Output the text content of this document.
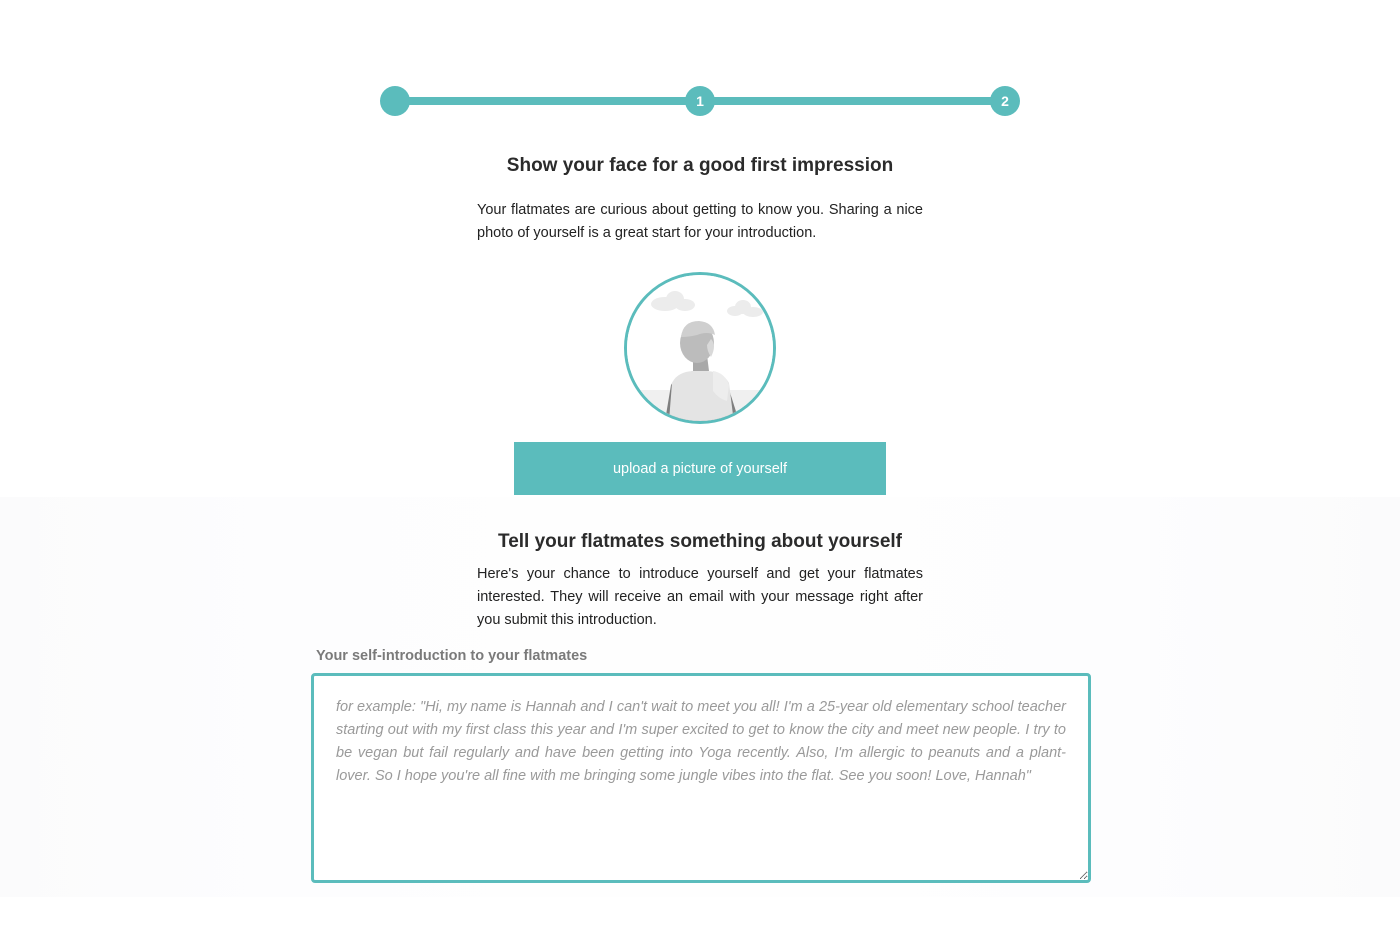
1	2
Show your face for a good first impression

Your flatmates are curious about getting to know you. Sharing a nice photo of yourself is a great start for your introduction.

upload a picture of yourself
Tell your flatmates something about yourself

Here's your chance to introduce yourself and get your flatmates interested. They will receive an email with your message right after you submit this introduction.

Your self-introduction to your flatmates
for example: "Hi, my name is Hannah and I can't wait to meet you all! I'm a 25-year old elementary school teacher starting out with my first class this year and I'm super excited to get to know the city and meet new people. I try to be vegan but fail regularly and have been getting into Yoga recently. Also, I'm allergic to peanuts and a plant-lover. So I hope you're all fine with me bringing some jungle vibes into the flat. See you soon! Love, Hannah"
